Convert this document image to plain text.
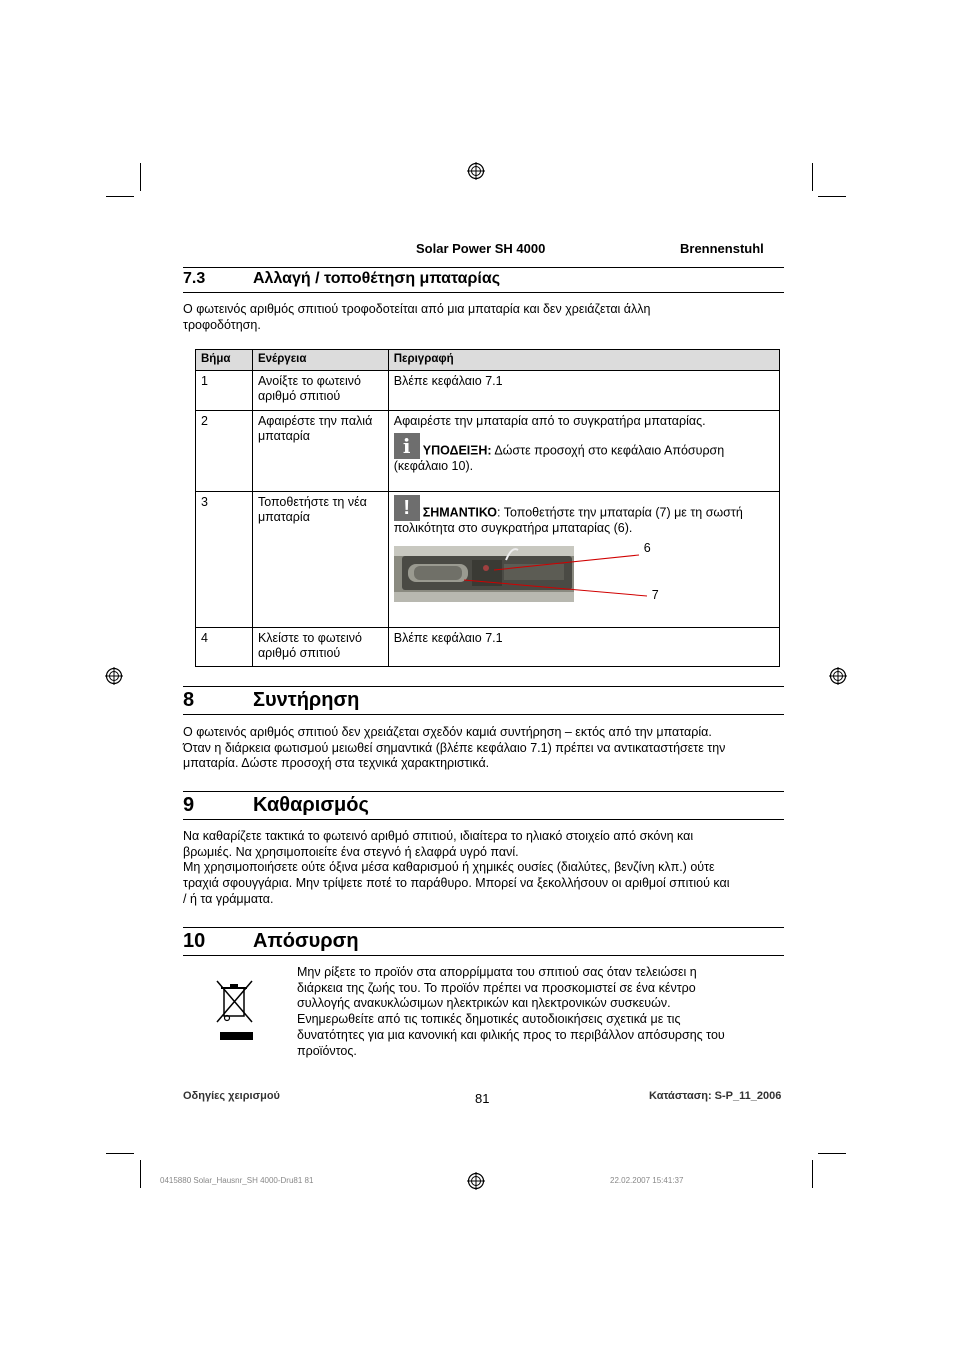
Solar Power SH 4000	Brennenstuhl
7.3	Αλλαγή / τοποθέτηση μπαταρίας
Ο φωτεινός αριθμός σπιτιού τροφοδοτείται από μια μπαταρία και δεν χρειάζεται άλλη τροφοδότηση.
Βήμα	Ενέργεια	Περιγραφή
1	Ανοίξτε το φωτεινό αριθμό σπιτιού	Βλέπε κεφάλαιο 7.1
2	Αφαιρέστε την παλιά μπαταρία	Αφαιρέστε την μπαταρία από το συγκρατήρα μπαταρίας.
i ΥΠΟΔΕΙΞΗ: Δώστε προσοχή στο κεφάλαιο Απόσυρση (κεφάλαιο 10).

3	Τοποθετήστε τη νέα μπαταρία	! ΣΗΜΑΝΤΙΚΟ: Τοποθετήστε την μπαταρία (7) με τη σωστή πολικότητα στο συγκρατήρα μπαταρίας (6).
6
7

4	Κλείστε το φωτεινό αριθμό σπιτιού	Βλέπε κεφάλαιο 7.1
8	Συντήρηση
Ο φωτεινός αριθμός σπιτιού δεν χρειάζεται σχεδόν καμιά συντήρηση – εκτός από την μπαταρία.
Όταν η διάρκεια φωτισμού μειωθεί σημαντικά (βλέπε κεφάλαιο 7.1) πρέπει να αντικαταστήσετε την
μπαταρία. Δώστε προσοχή στα τεχνικά χαρακτηριστικά.
9	Καθαρισμός
Να καθαρίζετε τακτικά το φωτεινό αριθμό σπιτιού, ιδιαίτερα το ηλιακό στοιχείο από σκόνη και
βρωμιές. Να χρησιμοποιείτε ένα στεγνό ή ελαφρά υγρό πανί.
Μη χρησιμοποιήσετε ούτε όξινα μέσα καθαρισμού ή χημικές ουσίες (διαλύτες, βενζίνη κλπ.) ούτε
τραχιά σφουγγάρια. Μην τρίψετε ποτέ το παράθυρο. Μπορεί να ξεκολλήσουν οι αριθμοί σπιτιού και
/ ή τα γράμματα.
10 Απόσυρση
Μην ρίξετε το προϊόν στα απορρίμματα του σπιτιού σας όταν τελειώσει η
διάρκεια της ζωής του. Το προϊόν πρέπει να προσκομιστεί σε ένα κέντρο
συλλογής ανακυκλώσιμων ηλεκτρικών και ηλεκτρονικών συσκευών.
Ενημερωθείτε από τις τοπικές δημοτικές αυτοδιοικήσεις σχετικά με τις
δυνατότητες για μια κανονική και φιλικής προς το περιβάλλον απόσυρσης του
προϊόντος.
Οδηγίες χειρισμού	81	Κατάσταση: S-P_11_2006
0415880 Solar_Hausnr_SH 4000-Dru81 81	22.02.2007 15:41:37
